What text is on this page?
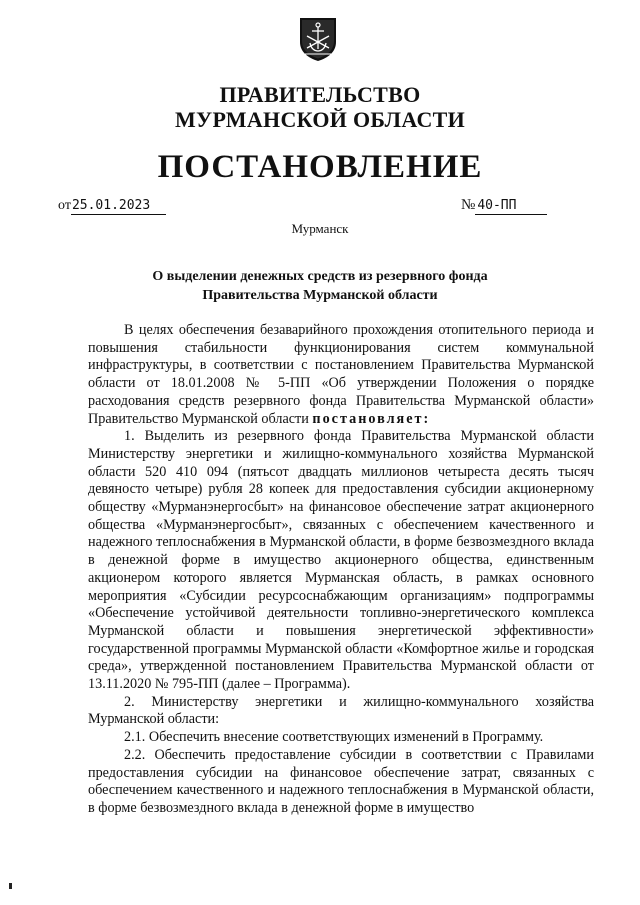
ПРАВИТЕЛЬСТВО
МУРМАНСКОЙ ОБЛАСТИ
ПОСТАНОВЛЕНИЕ
от25.01.2023	№ 40-ПП
Мурманск
О выделении денежных средств из резервного фонда
Правительства Мурманской области

В целях обеспечения безаварийного прохождения отопительного периода и повышения стабильности функционирования систем коммунальной инфраструктуры, в соответствии с постановлением Правительства Мурманской области от 18.01.2008 № 5-ПП «Об утверждении Положения о порядке расходования средств резервного фонда Правительства Мурманской области» Правительство Мурманской области постановляет:

1. Выделить из резервного фонда Правительства Мурманской области Министерству энергетики и жилищно-коммунального хозяйства Мурманской области 520 410 094 (пятьсот двадцать миллионов четыреста десять тысяч девяносто четыре) рубля 28 копеек для предоставления субсидии акционерному обществу «Мурманэнергосбыт» на финансовое обеспечение затрат акционерного общества «Мурманэнергосбыт», связанных с обеспечением качественного и надежного теплоснабжения в Мурманской области, в форме безвозмездного вклада в денежной форме в имущество акционерного общества, единственным акционером которого является Мурманская область, в рамках основного мероприятия «Субсидии ресурсоснабжающим организациям» подпрограммы «Обеспечение устойчивой деятельности топливно-энергетического комплекса Мурманской области и повышения энергетической эффективности» государственной программы Мурманской области «Комфортное жилье и городская среда», утвержденной постановлением Правительства Мурманской области от 13.11.2020 № 795-ПП (далее – Программа).

2. Министерству энергетики и жилищно-коммунального хозяйства Мурманской области:

2.1. Обеспечить внесение соответствующих изменений в Программу.

2.2. Обеспечить предоставление субсидии в соответствии с Правилами предоставления субсидии на финансовое обеспечение затрат, связанных с обеспечением качественного и надежного теплоснабжения в Мурманской области, в форме безвозмездного вклада в денежной форме в имущество
